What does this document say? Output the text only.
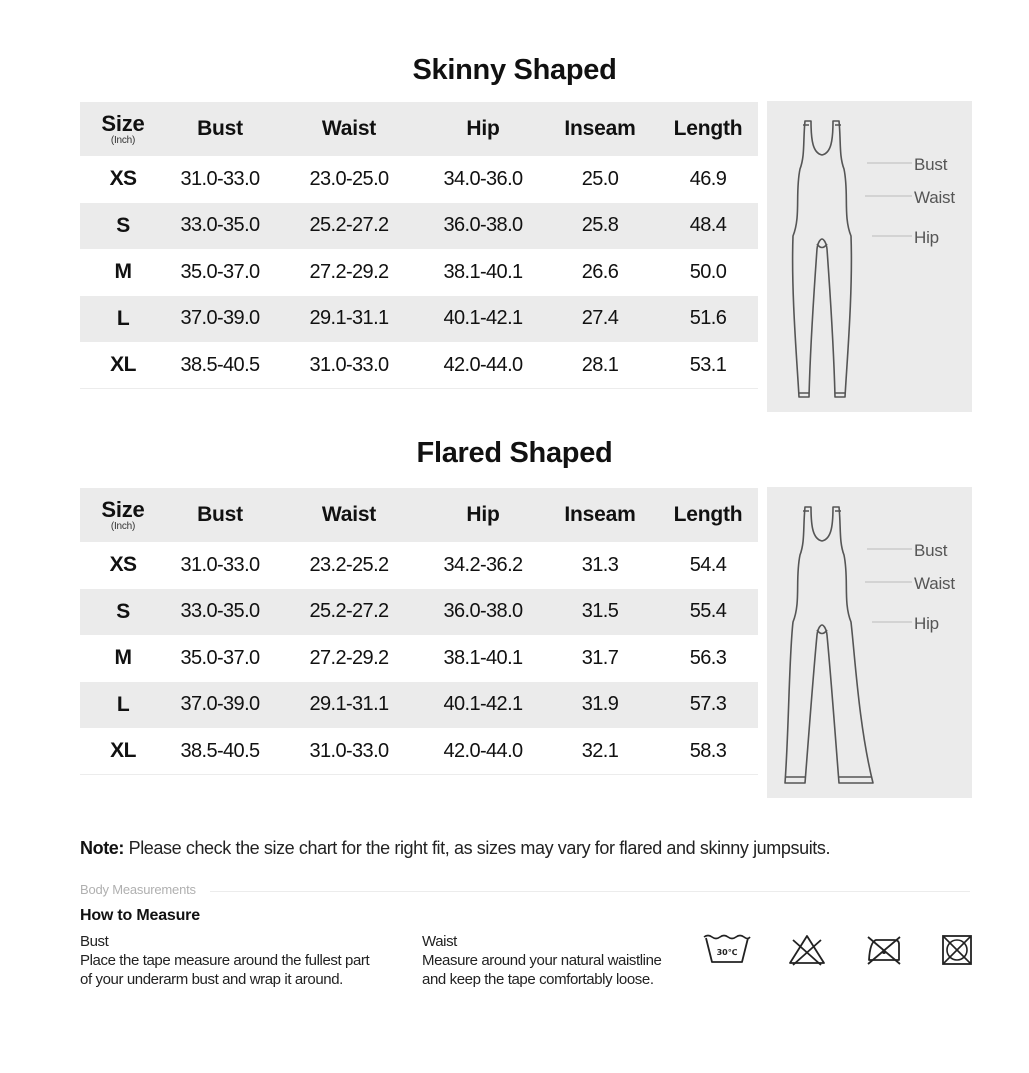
Skinny Shaped
Size
(Inch)	Bust	Waist	Hip	Inseam	Length
XS	31.0-33.0	23.0-25.0	34.0-36.0	25.0	46.9
S	33.0-35.0	25.2-27.2	36.0-38.0	25.8	48.4
M	35.0-37.0	27.2-29.2	38.1-40.1	26.6	50.0
L	37.0-39.0	29.1-31.1	40.1-42.1	27.4	51.6
XL	38.5-40.5	31.0-33.0	42.0-44.0	28.1	53.1
Bust
Waist
Hip
Flared Shaped
Size
(Inch)	Bust	Waist	Hip	Inseam	Length
XS	31.0-33.0	23.2-25.2	34.2-36.2	31.3	54.4
S	33.0-35.0	25.2-27.2	36.0-38.0	31.5	55.4
M	35.0-37.0	27.2-29.2	38.1-40.1	31.7	56.3
L	37.0-39.0	29.1-31.1	40.1-42.1	31.9	57.3
XL	38.5-40.5	31.0-33.0	42.0-44.0	32.1	58.3
Bust
Waist
Hip
Note: Please check the size chart for the right fit, as sizes may vary for flared and skinny jumpsuits.
Body Measurements
How to Measure
Bust
Place the tape measure around the fullest part
of your underarm bust and wrap it around.
Waist
Measure around your natural waistline
and keep the tape comfortably loose.
30℃
